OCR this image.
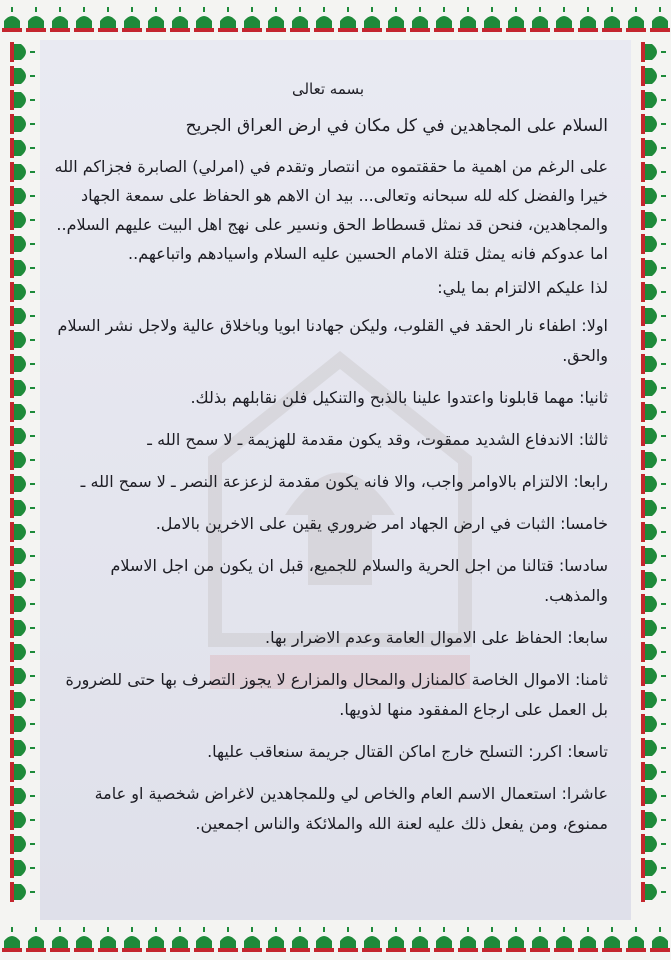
بسمه تعالى

السلام على المجاهدين في كل مكان في ارض العراق الجريح

على الرغم من اهمية ما حققتموه من انتصار وتقدم في (امرلي) الصابرة فجزاكم الله خيرا والفضل كله لله سبحانه وتعالى... بيد ان الاهم هو الحفاظ على سمعة الجهاد والمجاهدين، فنحن قد نمثل قسطاط الحق ونسير على نهج اهل البيت عليهم السلام.. اما عدوكم فانه يمثل قتلة الامام الحسين عليه السلام واسيادهم واتباعهم..

لذا عليكم الالتزام بما يلي:

اولا: اطفاء نار الحقد في القلوب، وليكن جهادنا ابويا وباخلاق عالية ولاجل نشر السلام والحق.

ثانيا: مهما قابلونا واعتدوا علينا بالذبح والتنكيل فلن نقابلهم بذلك.

ثالثا: الاندفاع الشديد ممقوت، وقد يكون مقدمة للهزيمة ـ لا سمح الله ـ

رابعا: الالتزام بالاوامر واجب، والا فانه يكون مقدمة لزعزعة النصر ـ لا سمح الله ـ

خامسا: الثبات في ارض الجهاد امر ضروري يقين على الاخرين بالامل.

سادسا: قتالنا من اجل الحرية والسلام للجميع، قبل ان يكون من اجل الاسلام والمذهب.

سابعا: الحفاظ على الاموال العامة وعدم الاضرار بها.

ثامنا: الاموال الخاصة كالمنازل والمحال والمزارع لا يجوز التصرف بها حتى للضرورة بل العمل على ارجاع المفقود منها لذويها.

تاسعا: اكرر: التسلح خارج اماكن القتال جريمة سنعاقب عليها.

عاشرا: استعمال الاسم العام والخاص لي وللمجاهدين لاغراض شخصية او عامة ممنوع، ومن يفعل ذلك عليه لعنة الله والملائكة والناس اجمعين.
